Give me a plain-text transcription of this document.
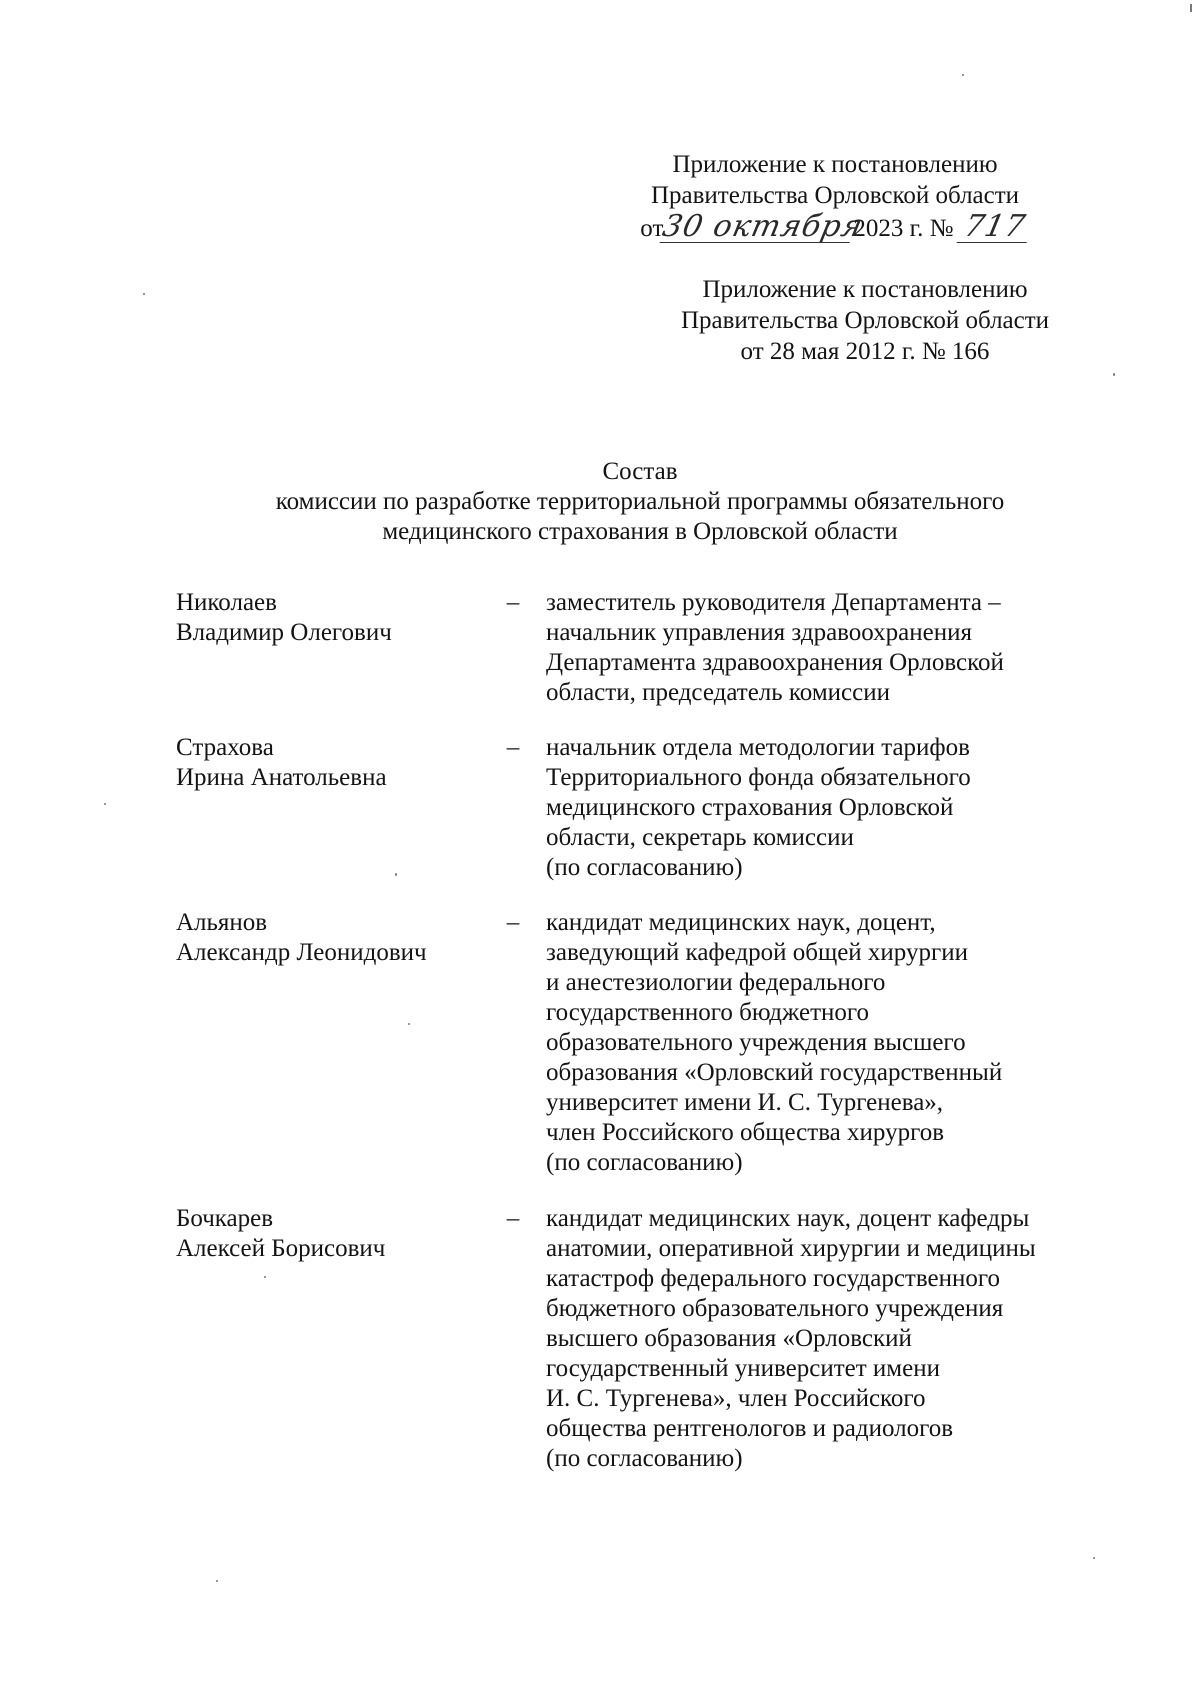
Приложение к постановлению
Правительства Орловской области
от30 октября2023 г. № 717
Приложение к постановлению
Правительства Орловской области
от 28 мая 2012 г. № 166
Состав
комиссии по разработке территориальной программы обязательного
медицинского страхования в Орловской области
Николаев
Владимир Олегович
–	заместитель руководителя Департамента –
начальник управления здравоохранения
Департамента здравоохранения Орловской
области, председатель комиссии
Страхова
Ирина Анатольевна
–	начальник отдела методологии тарифов
Территориального фонда обязательного
медицинского страхования Орловской
области, секретарь комиссии
(по согласованию)
Альянов
Александр Леонидович
–	кандидат медицинских наук, доцент,
заведующий кафедрой общей хирургии
и анестезиологии федерального
государственного бюджетного
образовательного учреждения высшего
образования «Орловский государственный
университет имени И. С. Тургенева»,
член Российского общества хирургов
(по согласованию)
Бочкарев
Алексей Борисович
–	кандидат медицинских наук, доцент кафедры
анатомии, оперативной хирургии и медицины
катастроф федерального государственного
бюджетного образовательного учреждения
высшего образования «Орловский
государственный университет имени
И. С. Тургенева», член Российского
общества рентгенологов и радиологов
(по согласованию)
